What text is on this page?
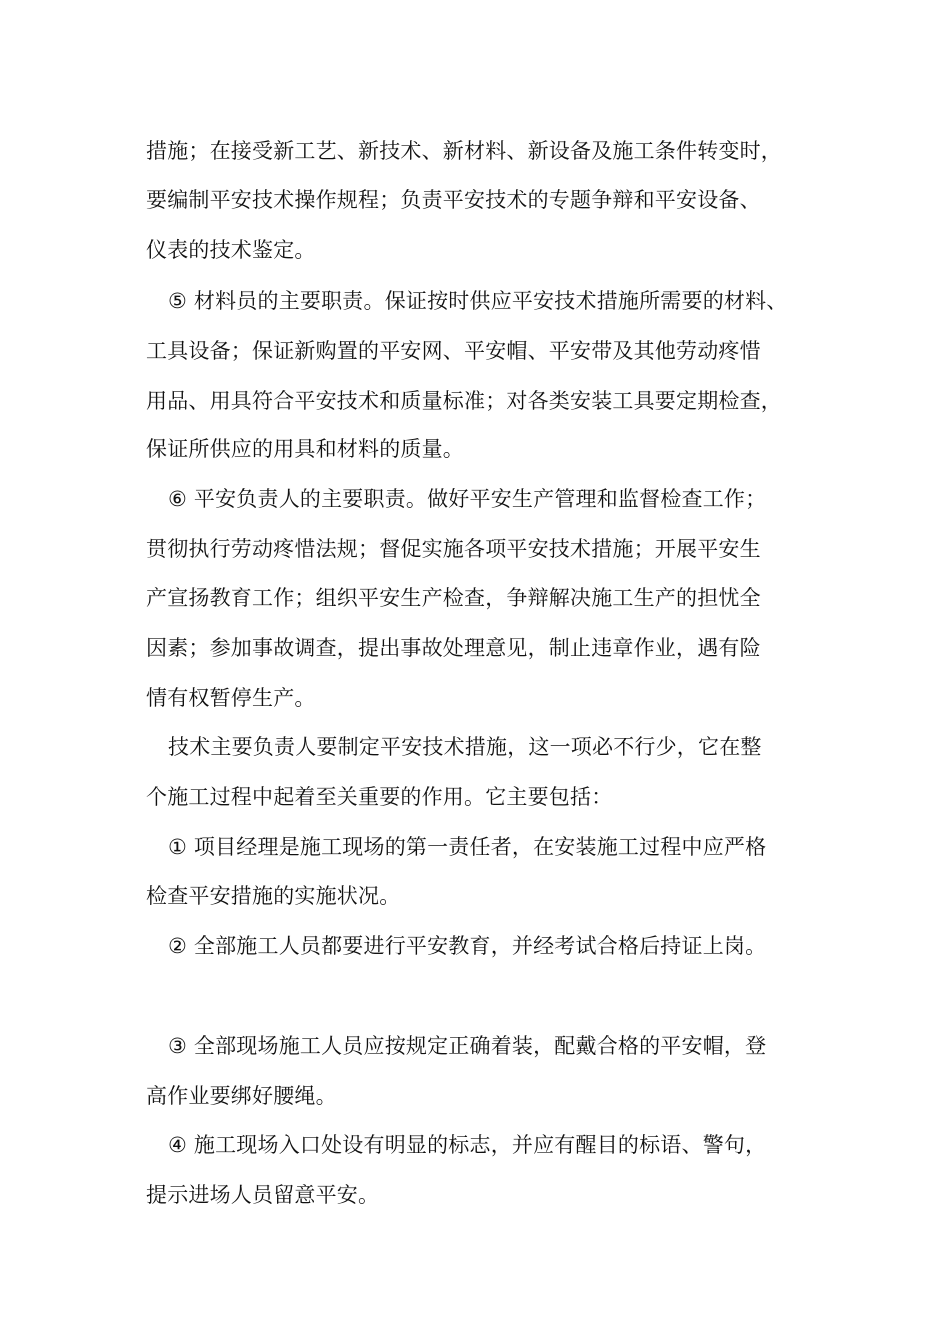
措施；在接受新工艺、新技术、新材料、新设备及施工条件转变时，
要编制平安技术操作规程；负责平安技术的专题争辩和平安设备、
仪表的技术鉴定。
⑤ 材料员的主要职责。保证按时供应平安技术措施所需要的材料、
工具设备；保证新购置的平安网、平安帽、平安带及其他劳动疼惜
用品、用具符合平安技术和质量标准；对各类安装工具要定期检查，
保证所供应的用具和材料的质量。
⑥ 平安负责人的主要职责。做好平安生产管理和监督检查工作；
贯彻执行劳动疼惜法规；督促实施各项平安技术措施；开展平安生
产宣扬教育工作；组织平安生产检查，争辩解决施工生产的担忧全
因素；参加事故调查，提出事故处理意见，制止违章作业，遇有险
情有权暂停生产。
技术主要负责人要制定平安技术措施，这一项必不行少，它在整
个施工过程中起着至关重要的作用。它主要包括：
① 项目经理是施工现场的第一责任者，在安装施工过程中应严格
检查平安措施的实施状况。
② 全部施工人员都要进行平安教育，并经考试合格后持证上岗。
③ 全部现场施工人员应按规定正确着装，配戴合格的平安帽，登
高作业要绑好腰绳。
④ 施工现场入口处设有明显的标志，并应有醒目的标语、警句，
提示进场人员留意平安。
